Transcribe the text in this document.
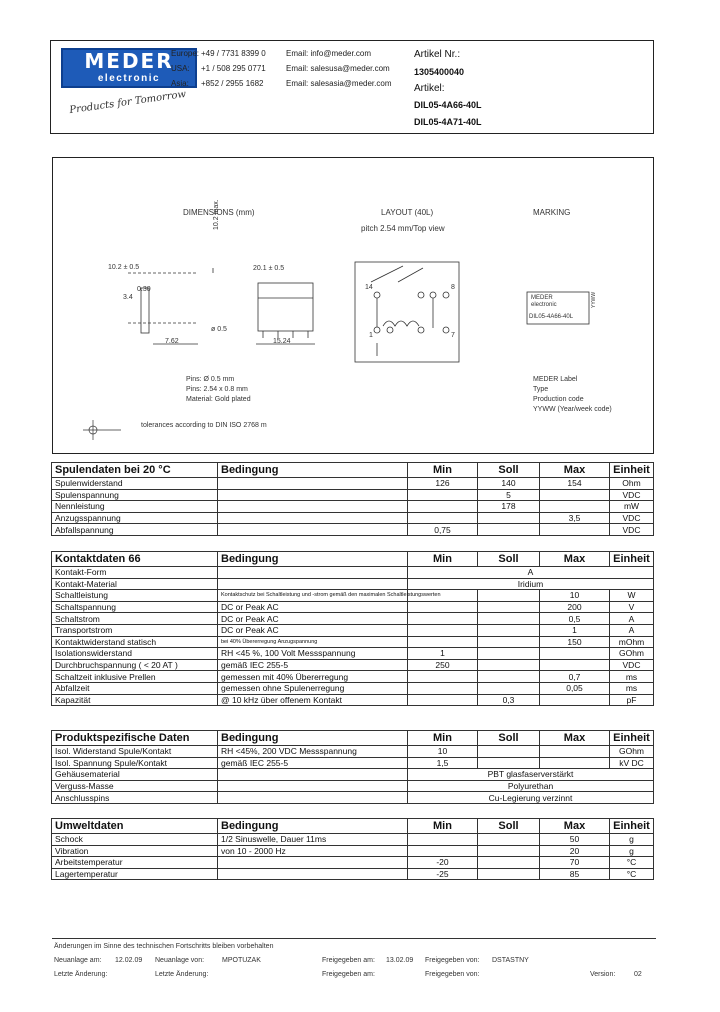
MEDER
electronic
Products for Tomorrow
Europe:
USA:
Asia:
+49 / 7731 8399 0
+1 / 508 295 0771
+852 / 2955 1682
Email: info@meder.com
Email: salesusa@meder.com
Email: salesasia@meder.com
Artikel Nr.:
1305400040
Artikel:
DIL05-4A66-40L
DIL05-4A71-40L
DIMENSIONS (mm)	LAYOUT (40L)
pitch 2.54 mm/Top view
MARKING
10.2 max.
10.2 ± 0.5
3.4
0.30
ø 0.5
20.1 ± 0.5
7.62	15.24
14	8
1	7
MEDER
electronic
DIL05-4A66-40L
YYWW
Pins: Ø 0.5 mm
Pins: 2.54 x 0.8 mm
Material: Gold plated
MEDER Label
Type
Production code
YYWW (Year/week code)
tolerances according to DIN ISO 2768 m
Spulendaten bei 20 °C	Bedingung	Min	Soll	Max	Einheit
Spulenwiderstand		126	140	154	Ohm
Spulenspannung			5		VDC
Nennleistung			178		mW
Anzugsspannung				3,5	VDC
Abfallspannung		0,75			VDC
Kontaktdaten 66	Bedingung	Min	Soll	Max	Einheit
Kontakt-Form		A			
Kontakt-Material		Iridium			
Schaltleistung	Kontaktschutz bei Schaltleistung und -strom gemäß den maximalen Schaltleistungswerten			10	W
Schaltspannung	DC or Peak AC			200	V
Schaltstrom	DC or Peak AC			0,5	A
Transportstrom	DC or Peak AC			1	A
Kontaktwiderstand statisch	bei 40% Übererregung Anzugspannung			150	mOhm
Isolationswiderstand	RH <45 %, 100 Volt Messspannung	1			GOhm
Durchbruchspannung ( < 20 AT )	gemäß IEC 255-5	250			VDC
Schaltzeit inklusive Prellen	gemessen mit 40% Übererregung			0,7	ms
Abfallzeit	gemessen ohne Spulenerregung			0,05	ms
Kapazität	@ 10 kHz über offenem Kontakt		0,3		pF
Produktspezifische Daten	Bedingung	Min	Soll	Max	Einheit
Isol. Widerstand Spule/Kontakt	RH <45%, 200 VDC Messspannung	10			GOhm
Isol. Spannung Spule/Kontakt	gemäß IEC 255-5	1,5			kV DC
Gehäusematerial		PBT glasfaserverstärkt			
Verguss-Masse		Polyurethan			
Anschlusspins		Cu-Legierung verzinnt			
Umweltdaten	Bedingung	Min	Soll	Max	Einheit
Schock	1/2 Sinuswelle, Dauer 11ms			50	g
Vibration	von 10 - 2000 Hz			20	g
Arbeitstemperatur		-20		70	°C
Lagertemperatur		-25		85	°C
Änderungen im Sinne des technischen Fortschritts bleiben vorbehalten
Neuanlage am: 12.02.09 Neuanlage von:	MPOTUZAK	Freigegeben am: 13.02.09 Freigegeben von: DSTASTNY
Letzte Änderung:	Letzte Änderung:	Freigegeben am:	Freigegeben von:	Version:	02
